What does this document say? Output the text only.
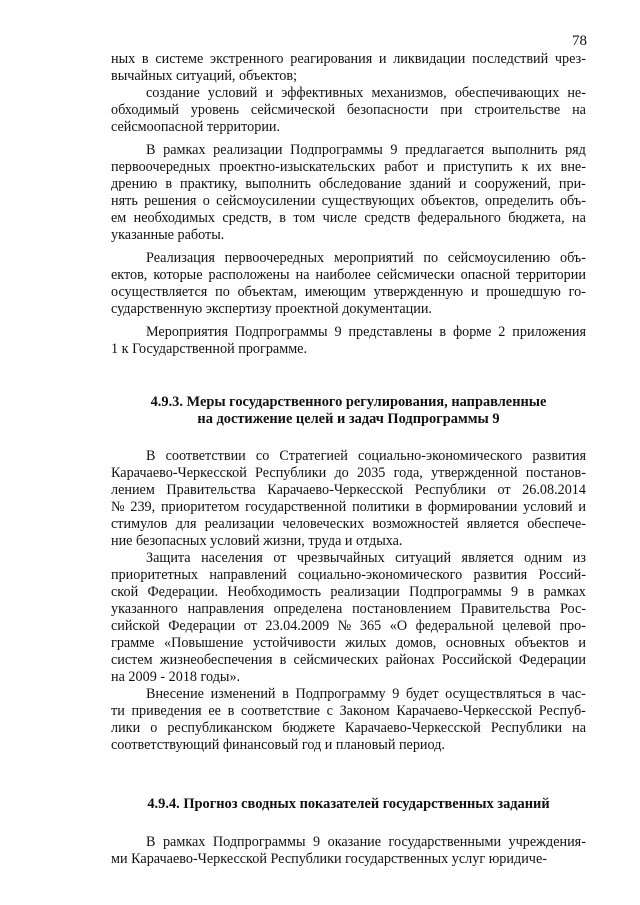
78

ных в системе экстренного реагирования и ликвидации последствий чрез-
вычайных ситуаций, объектов;

создание условий и эффективных механизмов, обеспечивающих не-
обходимый уровень сейсмической безопасности при строительстве на
сейсмоопасной территории.

В рамках реализации Подпрограммы 9 предлагается выполнить ряд
первоочередных проектно-изыскательских работ и приступить к их вне-
дрению в практику, выполнить обследование зданий и сооружений, при-
нять решения о сейсмоусилении существующих объектов, определить объ-
ем необходимых средств, в том числе средств федерального бюджета, на
указанные работы.

Реализация первоочередных мероприятий по сейсмоусилению объ-
ектов, которые расположены на наиболее сейсмически опасной территории
осуществляется по объектам, имеющим утвержденную и прошедшую го-
сударственную экспертизу проектной документации.

Мероприятия Подпрограммы 9 представлены в форме 2 приложения
1 к Государственной программе.

4.9.3. Меры государственного регулирования, направленные
на достижение целей и задач Подпрограммы 9

В соответствии со Стратегией социально-экономического развития
Карачаево-Черкесской Республики до 2035 года, утвержденной постанов-
лением Правительства Карачаево-Черкесской Республики от 26.08.2014
№ 239, приоритетом государственной политики в формировании условий и
стимулов для реализации человеческих возможностей является обеспече-
ние безопасных условий жизни, труда и отдыха.

Защита населения от чрезвычайных ситуаций является одним из
приоритетных направлений социально-экономического развития Россий-
ской Федерации. Необходимость реализации Подпрограммы 9 в рамках
указанного направления определена постановлением Правительства Рос-
сийской Федерации от 23.04.2009 № 365 «О федеральной целевой про-
грамме «Повышение устойчивости жилых домов, основных объектов и
систем жизнеобеспечения в сейсмических районах Российской Федерации
на 2009 - 2018 годы».

Внесение изменений в Подпрограмму 9 будет осуществляться в час-
ти приведения ее в соответствие с Законом Карачаево-Черкесской Респуб-
лики о республиканском бюджете Карачаево-Черкесской Республики на
соответствующий финансовый год и плановый период.

4.9.4. Прогноз сводных показателей государственных заданий

В рамках Подпрограммы 9 оказание государственными учреждения-
ми Карачаево-Черкесской Республики государственных услуг юридиче-
